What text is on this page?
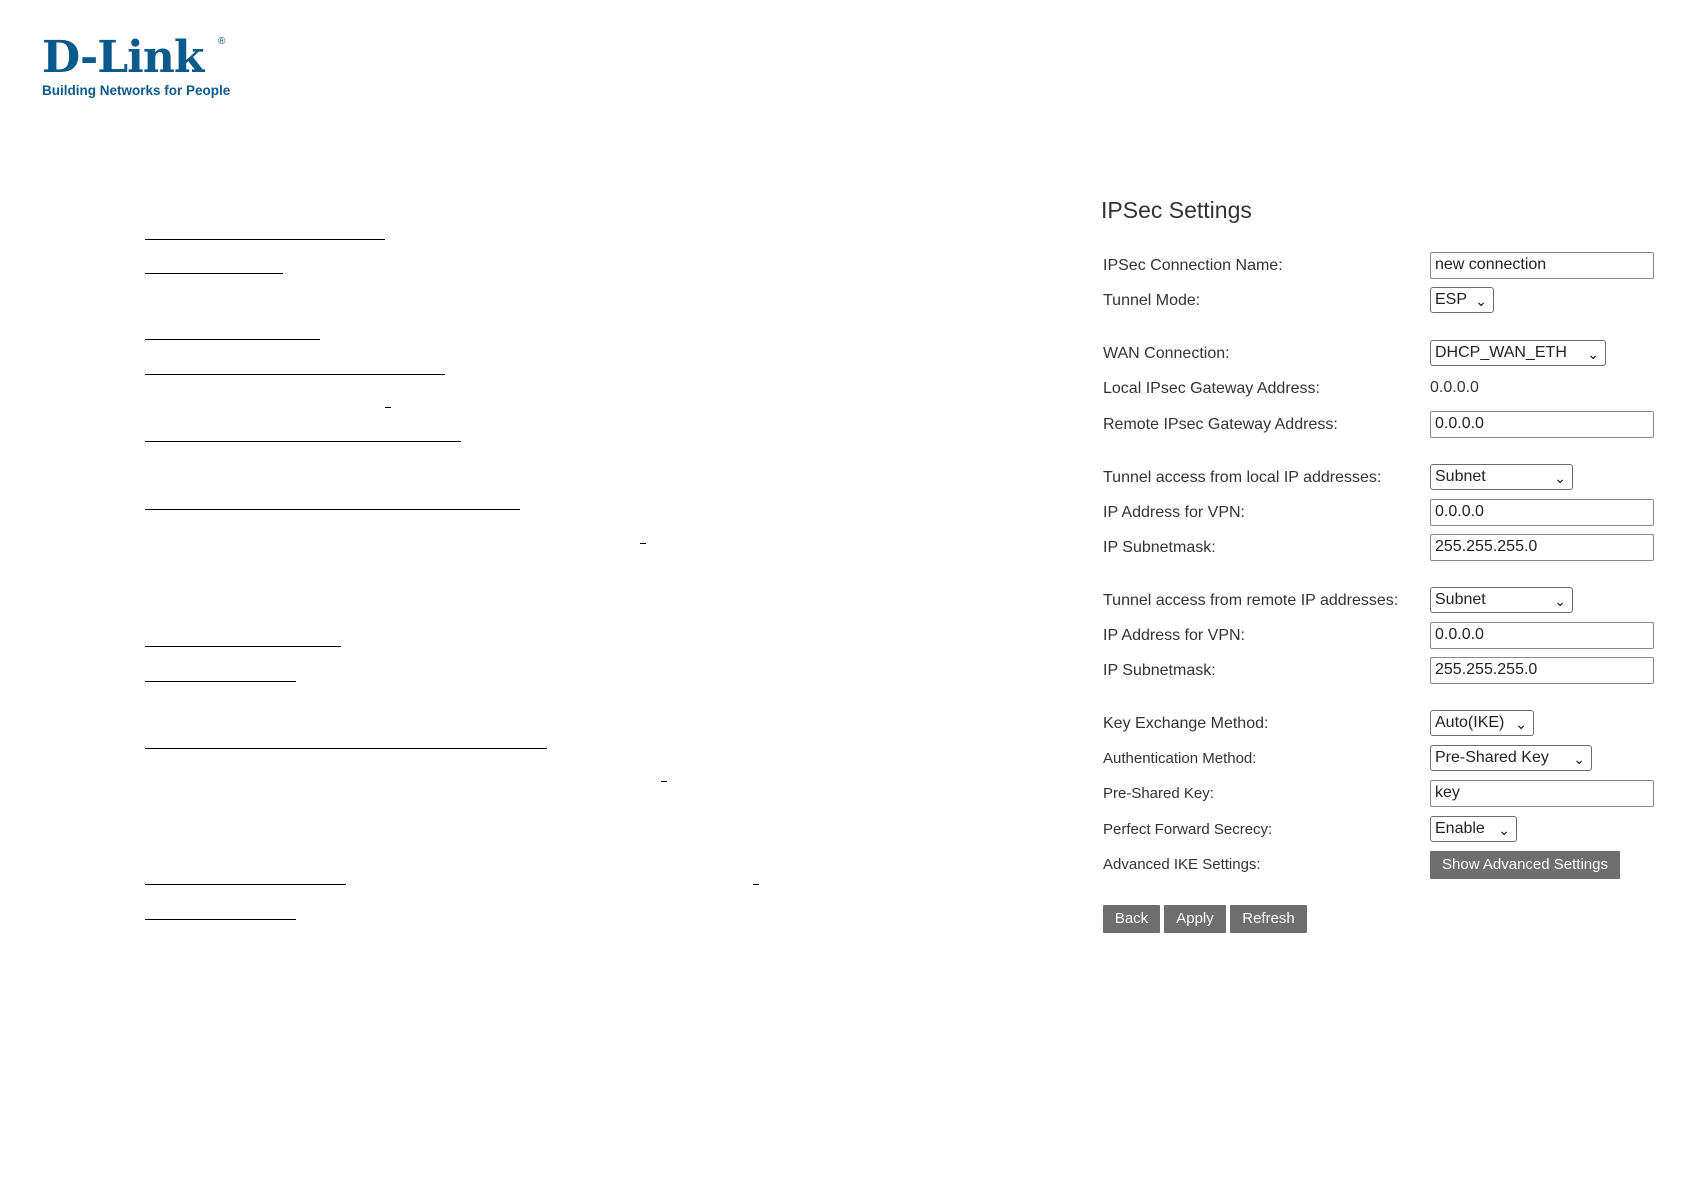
D-Link	®
Building Networks for People
IPSec Settings
IPSec Connection Name:	new connection
Tunnel Mode:	ESP ⌄
WAN Connection:	DHCP_WAN_ETH ⌄
Local IPsec Gateway Address:	0.0.0.0
Remote IPsec Gateway Address:	0.0.0.0
Tunnel access from local IP addresses:	Subnet	⌄
IP Address for VPN:	0.0.0.0
IP Subnetmask:	255.255.255.0
Tunnel access from remote IP addresses:	Subnet	⌄
IP Address for VPN:	0.0.0.0
IP Subnetmask:	255.255.255.0
Key Exchange Method:	Auto(IKE) ⌄
Authentication Method:	Pre-Shared Key ⌄
Pre-Shared Key:	key
Perfect Forward Secrecy:	Enable ⌄
Advanced IKE Settings:	Show Advanced Settings
Back	Apply	Refresh
